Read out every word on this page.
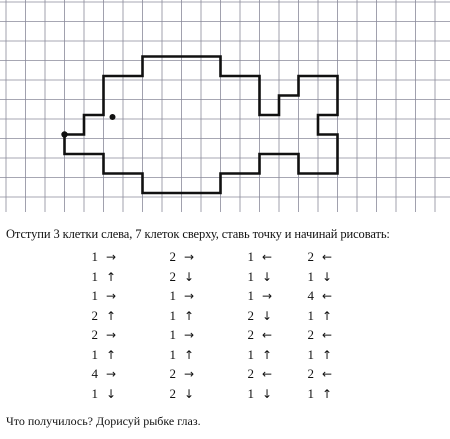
Отступи 3 клетки слева, 7 клеток сверху, ставь точку и начинай рисовать:
1 →
1 ↑
1 →
2 ↑
2 →
1 ↑
4 →
1 ↓
2 →
2 ↓
1 →
1 ↑
1 →
1 ↑
2 →
2 ↓
1 ←
1 ↓
1 →
2 ↓
2 ←
1 ↑
2 ←
1 ↓
2 ←
1 ↓
4 ←
1 ↑
2 ←
1 ↑
2 ←
1 ↑
Что получилось? Дорисуй рыбке глаз.
